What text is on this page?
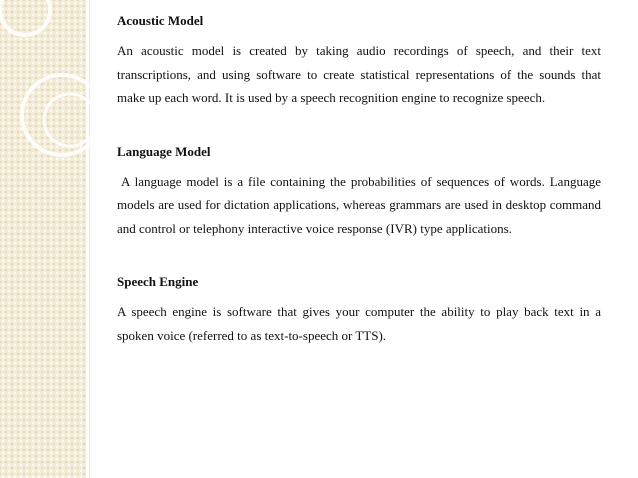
Acoustic Model

An acoustic model is created by taking audio recordings of speech, and their text transcriptions, and using software to create statistical representations of the sounds that make up each word. It is used by a speech recognition engine to recognize speech.

Language Model

A language model is a file containing the probabilities of sequences of words. Language models are used for dictation applications, whereas grammars are used in desktop command and control or telephony interactive voice response (IVR) type applications.

Speech Engine

A speech engine is software that gives your computer the ability to play back text in a spoken voice (referred to as text-to-speech or TTS).
